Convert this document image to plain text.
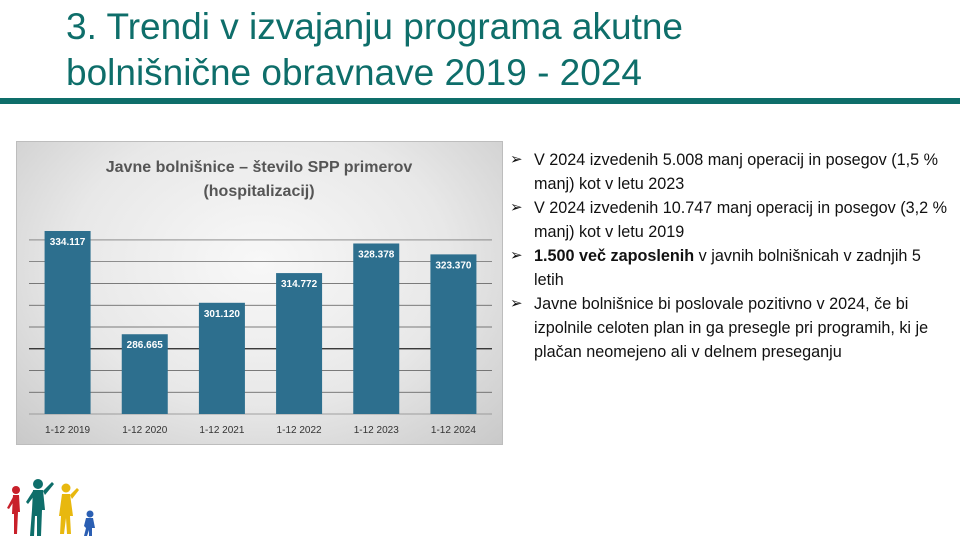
3. Trendi v izvajanju programa akutne
bolnišnične obravnave 2019 - 2024
Javne bolnišnice – število SPP primerov
(hospitalizacij)
334.117
1-12 2019
286.665
1-12 2020
301.120
1-12 2021
314.772
1-12 2022
328.378
1-12 2023
323.370
1-12 2024
➢ V 2024 izvedenih 5.008 manj operacij in posegov (1,5 % manj) kot v letu 2023
➢ V 2024 izvedenih 10.747 manj operacij in posegov (3,2 % manj) kot v letu 2019
➢ 1.500 več zaposlenih v javnih bolnišnicah v zadnjih 5 letih
➢ Javne bolnišnice bi poslovale pozitivno v 2024, če bi izpolnile celoten plan in ga presegle pri programih, ki je plačan neomejeno ali v delnem preseganju
